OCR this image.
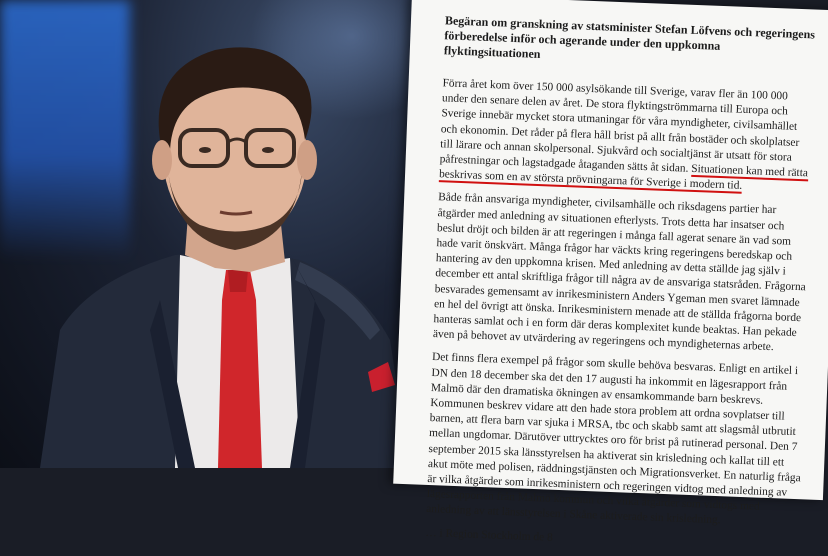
Begäran om granskning av statsminister Stefan Löfvens och regeringens förberedelse inför och agerande under den uppkomna flyktingsituationen

Förra året kom över 150 000 asylsökande till Sverige, varav fler än 100 000 under den senare delen av året. De stora flyktingströmmarna till Europa och Sverige innebär mycket stora utmaningar för våra myndigheter, civilsamhället och ekonomin. Det råder på flera håll brist på allt från bostäder och skolplatser till lärare och annan skolpersonal. Sjukvård och socialtjänst är utsatt för stora påfrestningar och lagstadgade åtaganden sätts åt sidan. Situationen kan med rätta beskrivas som en av största prövningarna för Sverige i modern tid.

Både från ansvariga myndigheter, civilsamhälle och riksdagens partier har åtgärder med anledning av situationen efterlysts. Trots detta har insatser och beslut dröjt och bilden är att regeringen i många fall agerat senare än vad som hade varit önskvärt. Många frågor har väckts kring regeringens beredskap och hantering av den uppkomna krisen. Med anledning av detta ställde jag själv i december ett antal skriftliga frågor till några av de ansvariga statsråden. Frågorna besvarades gemensamt av inrikesministern Anders Ygeman men svaret lämnade en hel del övrigt att önska. Inrikesministern menade att de ställda frågorna borde hanteras samlat och i en form där deras komplexitet kunde beaktas. Han pekade även på behovet av utvärdering av regeringens och myndigheternas arbete.

Det finns flera exempel på frågor som skulle behöva besvaras. Enligt en artikel i DN den 18 december ska det den 17 augusti ha inkommit en lägesrapport från Malmö där den dramatiska ökningen av ensamkommande barn beskrevs. Kommunen beskrev vidare att den hade stora problem att ordna sovplatser till barnen, att flera barn var sjuka i MRSA, tbc och skabb samt att slagsmål utbrutit mellan ungdomar. Därutöver uttrycktes oro för brist på rutinerad personal. Den 7 september 2015 ska länsstyrelsen ha aktiverat sin krisledning och kallat till ett akut möte med polisen, räddningstjänsten och Migrationsverket. En naturlig fråga är vilka åtgärder som inrikesministern och regeringen vidtog med anledning av lägesrapporten från Malmö kommun och vilka åtgärder som vidtogs med anledning av att länsstyrelsen i Skåne aktiverade sin krisledning.

… i Region Stockholm de 8
